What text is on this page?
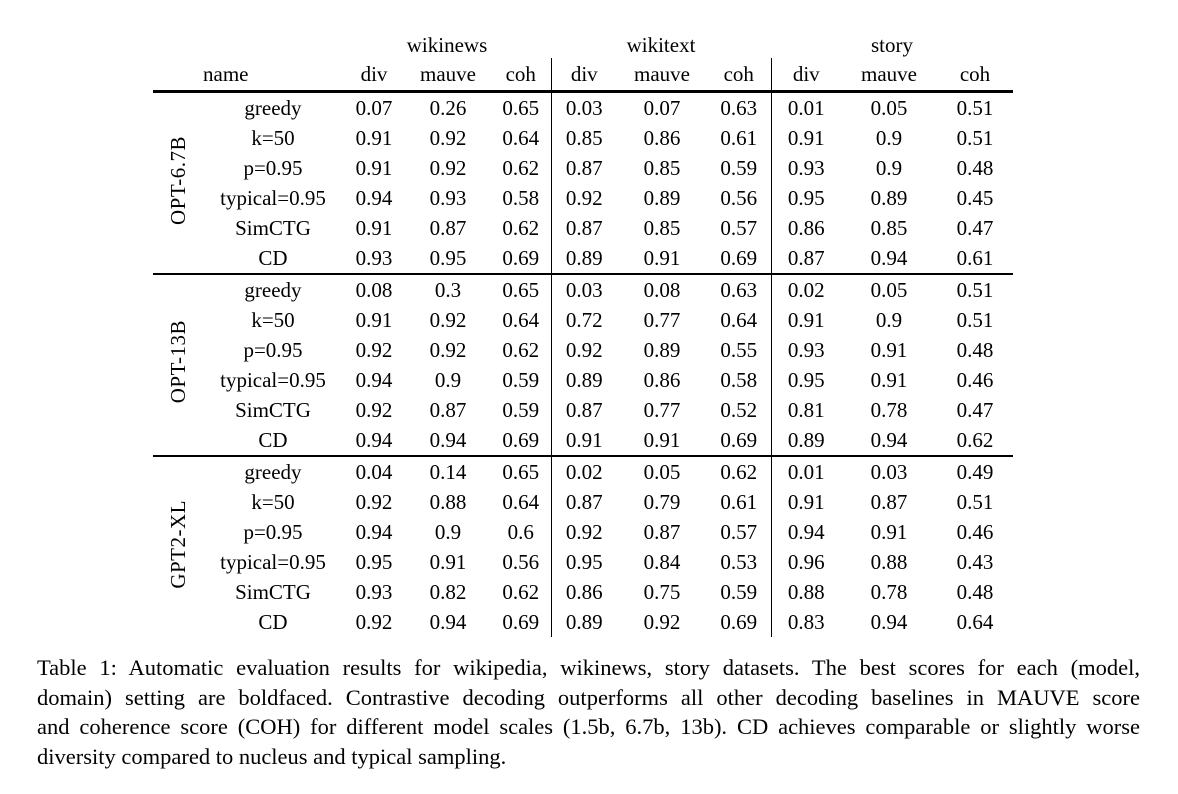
		wikinews			wikitext			story		
	name	div	mauve	coh	div	mauve	coh	div	mauve	coh
OPT-6.7B	greedy	0.07	0.26	0.65	0.03	0.07	0.63	0.01	0.05	0.51
	k=50	0.91	0.92	0.64	0.85	0.86	0.61	0.91	0.9	0.51
	p=0.95	0.91	0.92	0.62	0.87	0.85	0.59	0.93	0.9	0.48
	typical=0.95	0.94	0.93	0.58	0.92	0.89	0.56	0.95	0.89	0.45
	SimCTG	0.91	0.87	0.62	0.87	0.85	0.57	0.86	0.85	0.47
	CD	0.93	0.95	0.69	0.89	0.91	0.69	0.87	0.94	0.61
OPT-13B	greedy	0.08	0.3	0.65	0.03	0.08	0.63	0.02	0.05	0.51
	k=50	0.91	0.92	0.64	0.72	0.77	0.64	0.91	0.9	0.51
	p=0.95	0.92	0.92	0.62	0.92	0.89	0.55	0.93	0.91	0.48
	typical=0.95	0.94	0.9	0.59	0.89	0.86	0.58	0.95	0.91	0.46
	SimCTG	0.92	0.87	0.59	0.87	0.77	0.52	0.81	0.78	0.47
	CD	0.94	0.94	0.69	0.91	0.91	0.69	0.89	0.94	0.62
GPT2-XL	greedy	0.04	0.14	0.65	0.02	0.05	0.62	0.01	0.03	0.49
	k=50	0.92	0.88	0.64	0.87	0.79	0.61	0.91	0.87	0.51
	p=0.95	0.94	0.9	0.6	0.92	0.87	0.57	0.94	0.91	0.46
	typical=0.95	0.95	0.91	0.56	0.95	0.84	0.53	0.96	0.88	0.43
	SimCTG	0.93	0.82	0.62	0.86	0.75	0.59	0.88	0.78	0.48
	CD	0.92	0.94	0.69	0.89	0.92	0.69	0.83	0.94	0.64
Table 1: Automatic evaluation results for wikipedia, wikinews, story datasets. The best scores for each (model,
domain) setting are boldfaced. Contrastive decoding outperforms all other decoding baselines in MAUVE score
and coherence score (COH) for different model scales (1.5b, 6.7b, 13b). CD achieves comparable or slightly worse
diversity compared to nucleus and typical sampling.
